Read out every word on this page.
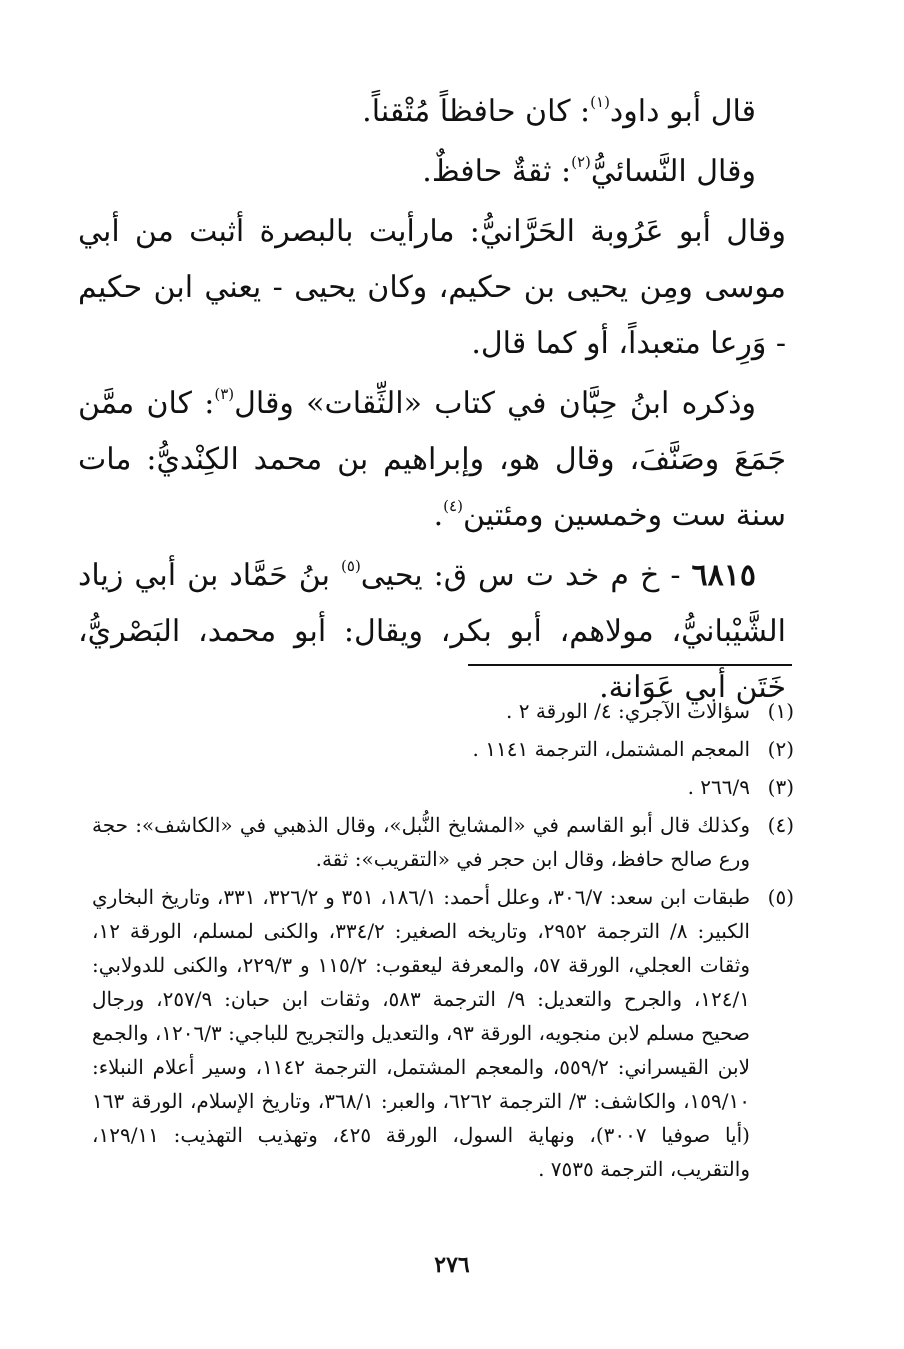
قال أبو داود$^{(١)}$: كان حافظاً مُتْقناً.

وقال النَّسائيُّ$^{(٢)}$: ثقةٌ حافظٌ.

وقال أبو عَرُوبة الحَرَّانيُّ: مارأيت بالبصرة أثبت من أبي موسى ومِن يحيى بن حكيم، وكان يحيى - يعني ابن حكيم - وَرِعا متعبداً، أو كما قال.

وذكره ابنُ حِبَّان في كتاب «الثِّقات» وقال$^{(٣)}$: كان ممَّن جَمَعَ وصَنَّفَ، وقال هو، وإبراهيم بن محمد الكِنْديُّ: مات سنة ست وخمسين ومئتين$^{(٤)}$.

٦٨١٥ - خ م خد ت س ق: يحيى$^{(٥)}$ بنُ حَمَّاد بن أبي زياد الشَّيْبانيُّ، مولاهم، أبو بكر، ويقال: أبو محمد، البَصْريُّ، خَتَن أبي عَوَانة.

(١)
سؤالات الآجري: ٤/ الورقة ٢ .
(٢)
المعجم المشتمل، الترجمة ١١٤١ .
(٣)
٢٦٦/٩ .
(٤)
وكذلك قال أبو القاسم في «المشايخ النُّبل»، وقال الذهبي في «الكاشف»: حجة ورع صالح حافظ، وقال ابن حجر في «التقريب»: ثقة.
(٥)
طبقات ابن سعد: ٣٠٦/٧، وعلل أحمد: ١٨٦/١، ٣٥١ و ٣٢٦/٢، ٣٣١، وتاريخ البخاري الكبير: ٨/ الترجمة ٢٩٥٢، وتاريخه الصغير: ٣٣٤/٢، والكنى لمسلم، الورقة ١٢، وثقات العجلي، الورقة ٥٧، والمعرفة ليعقوب: ١١٥/٢ و ٢٢٩/٣، والكنى للدولابي: ١٢٤/١، والجرح والتعديل: ٩/ الترجمة ٥٨٣، وثقات ابن حبان: ٢٥٧/٩، ورجال صحيح مسلم لابن منجويه، الورقة ٩٣، والتعديل والتجريح للباجي: ١٢٠٦/٣، والجمع لابن القيسراني: ٥٥٩/٢، والمعجم المشتمل، الترجمة ١١٤٢، وسير أعلام النبلاء: ١٥٩/١٠، والكاشف: ٣/ الترجمة ٦٢٦٢، والعبر: ٣٦٨/١، وتاريخ الإسلام، الورقة ١٦٣ (أيا صوفيا ٣٠٠٧)، ونهاية السول، الورقة ٤٢٥، وتهذيب التهذيب: ١٢٩/١١، والتقريب، الترجمة ٧٥٣٥ .
٢٧٦
